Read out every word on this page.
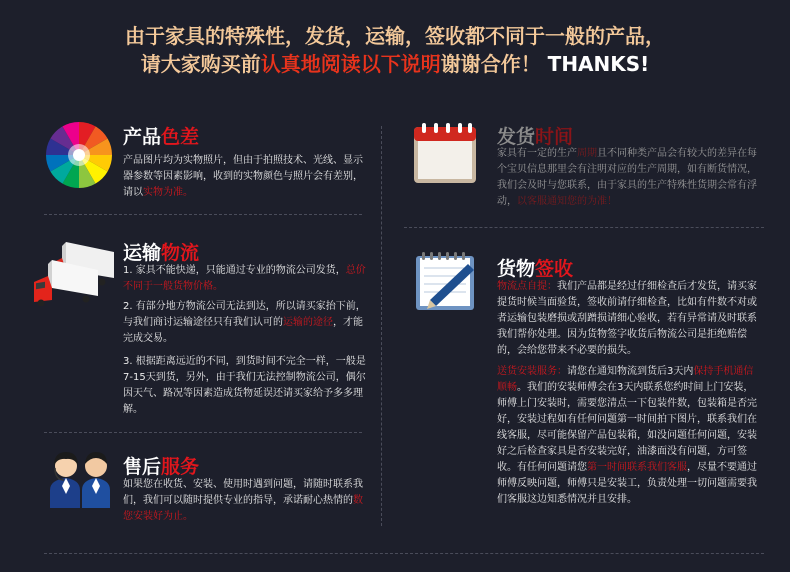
由于家具的特殊性，发货，运输，签收都不同于一般的产品，
请大家购买前认真地阅读以下说明谢谢合作！ THANKS!
产品色差
产品图片均为实物照片，但由于拍照技术、光线、显示器参数等因素影响，收到的实物颜色与照片会有差别，请以实物为准。
发货时间
家具有一定的生产周期且不同种类产品会有较大的差异在每个宝贝信息那里会有注明对应的生产周期，如有断货情况，我们会及时与您联系，由于家具的生产特殊性货期会常有浮动，以客服通知您的为准！
运输物流
1. 家具不能快递，只能通过专业的物流公司发货，总价不同于一般货物价格。
2. 有部分地方物流公司无法到达，所以请买家抬下前，与我们商讨运输途径只有我们认可的运输的途径，才能完成交易。
3. 根据距离远近的不同，到货时间不完全一样，一般是7-15天到货，另外，由于我们无法控制物流公司，偶尔因天气、路况等因素造成货物延误还请买家给予多多理解。
货物签收
物流点自提：我们产品都是经过仔细检查后才发货，请买家提货时候当面验货，签收前请仔细检查，比如有件数不对或者运输包装磨损或刮蹭损请细心验收，若有异常请及时联系我们帮你处理。因为货物签字收货后物流公司是拒绝赔偿的，会给您带来不必要的损失。
送货安装服务：请您在通知物流到货后3天内保持手机通信顺畅。我们的安装师傅会在3天内联系您约时间上门安装，师傅上门安装时，需要您清点一下包装件数，包装箱是否完好，安装过程如有任何问题第一时间拍下图片，联系我们在线客服，尽可能保留产品包装箱，如没问题任何问题，安装好之后检查家具是否安装完好，油漆面没有问题，方可签收。有任何问题请您第一时间联系我们客服，尽量不要通过师傅反映问题，师傅只是安装工，负责处理一切问题需要我们客服这边知悉情况并且安排。
售后服务
如果您在收货、安装、使用时遇到问题，请随时联系我们，我们可以随时提供专业的指导，承诺耐心热情的数您安装好为止。
